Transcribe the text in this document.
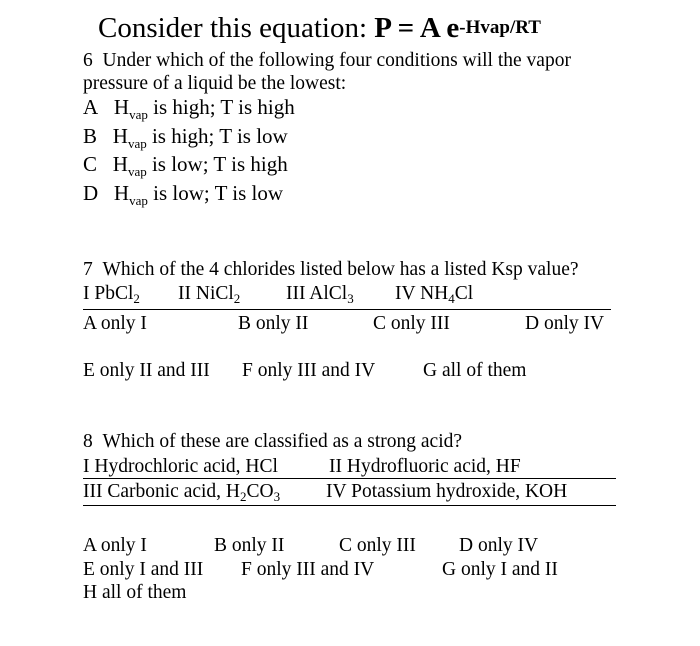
Consider this equation: P = A $e^{-Hvap/RT}$
6 Under which of the following four conditions will the vapor
pressure of a liquid be the lowest:
A $H_{vap}$ is high; T is high
B $H_{vap}$ is high; T is low
C $H_{vap}$ is low; T is high
D $H_{vap}$ is low; T is low
7 Which of the 4 chlorides listed below has a listed Ksp value?
I PbCl$_2$ II NiCl$_2$ III AlCl$_3$ IV $NH_4Cl$
A only I	B only II	C only III	D only IV
E only II and III F only III and IV G all of them
8 Which of these are classified as a strong acid?
I Hydrochloric acid, HCl	II Hydrofluoric acid, HF
III Carbonic acid, $H_2CO_3$ IV Potassium hydroxide, KOH
A only I	B only II	C only III D only IV
E only I and III F only III and IV	G only I and II
H all of them
